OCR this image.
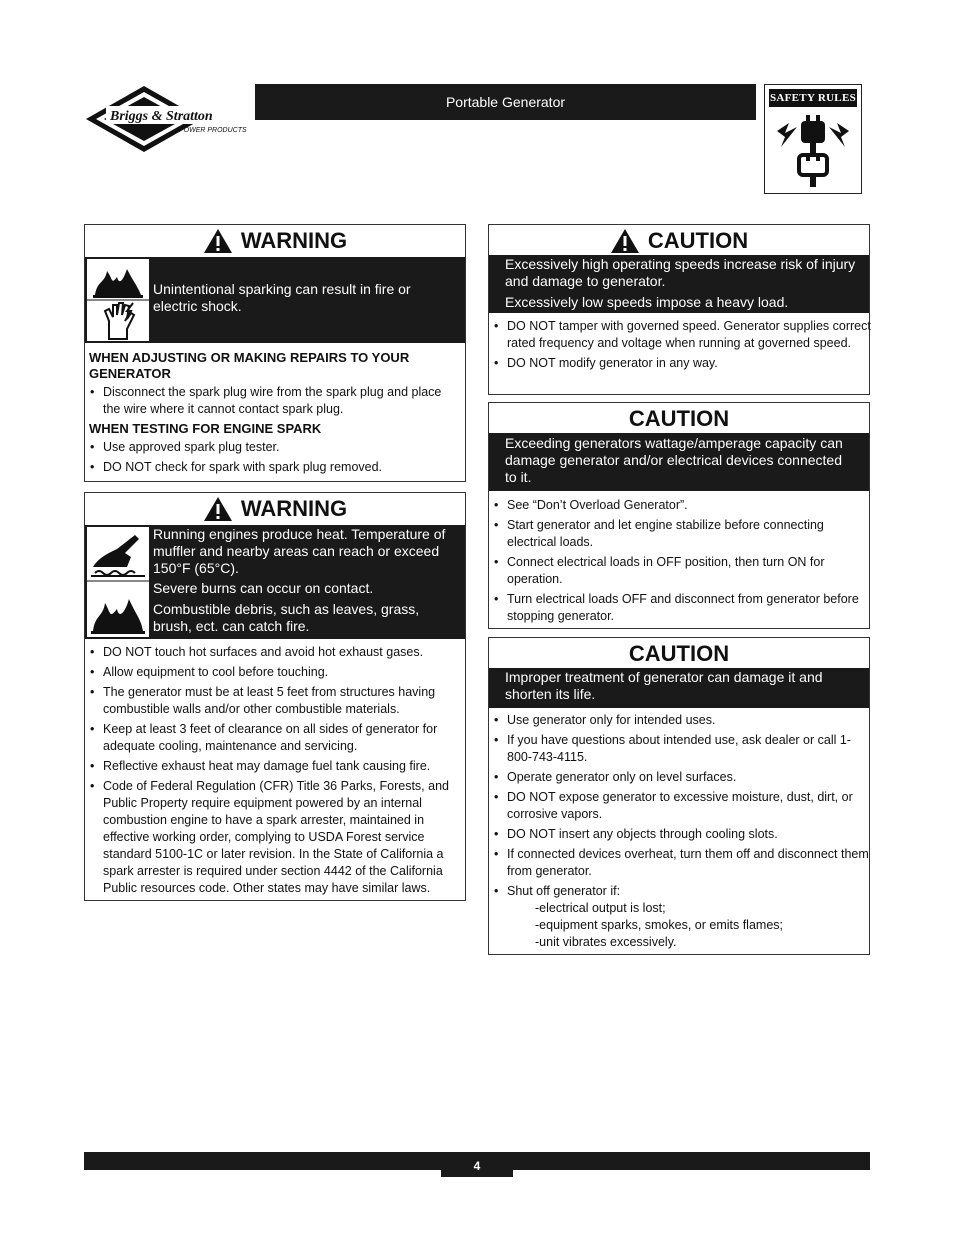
Briggs & Stratton
POWER PRODUCTS
Portable Generator	SAFETY RULES
WARNING
Unintentional sparking can result in fire or electric shock.
WHEN ADJUSTING OR MAKING REPAIRS TO YOUR GENERATOR
• Disconnect the spark plug wire from the spark plug and place the wire where it cannot contact spark plug.
WHEN TESTING FOR ENGINE SPARK
• Use approved spark plug tester.
• DO NOT check for spark with spark plug removed.
WARNING
Running engines produce heat. Temperature of muffler and nearby areas can reach or exceed 150°F (65°C).
Severe burns can occur on contact.
Combustible debris, such as leaves, grass, brush, ect. can catch fire.
• DO NOT touch hot surfaces and avoid hot exhaust gases.
• Allow equipment to cool before touching.
• The generator must be at least 5 feet from structures having combustible walls and/or other combustible materials.
• Keep at least 3 feet of clearance on all sides of generator for adequate cooling, maintenance and servicing.
• Reflective exhaust heat may damage fuel tank causing fire.
• Code of Federal Regulation (CFR) Title 36 Parks, Forests, and Public Property require equipment powered by an internal combustion engine to have a spark arrester, maintained in effective working order, complying to USDA Forest service standard 5100-1C or later revision. In the State of California a spark arrester is required under section 4442 of the California Public resources code. Other states may have similar laws.
CAUTION
Excessively high operating speeds increase risk of injury and damage to generator.
Excessively low speeds impose a heavy load.
• DO NOT tamper with governed speed. Generator supplies correct rated frequency and voltage when running at governed speed.
• DO NOT modify generator in any way.
CAUTION
Exceeding generators wattage/amperage capacity can damage generator and/or electrical devices connected to it.
• See “Don’t Overload Generator”.
• Start generator and let engine stabilize before connecting electrical loads.
• Connect electrical loads in OFF position, then turn ON for operation.
• Turn electrical loads OFF and disconnect from generator before stopping generator.
CAUTION
Improper treatment of generator can damage it and shorten its life.
• Use generator only for intended uses.
• If you have questions about intended use, ask dealer or call 1-800-743-4115.
• Operate generator only on level surfaces.
• DO NOT expose generator to excessive moisture, dust, dirt, or corrosive vapors.
• DO NOT insert any objects through cooling slots.
• If connected devices overheat, turn them off and disconnect them from generator.
• Shut off generator if:
-electrical output is lost;
-equipment sparks, smokes, or emits flames;
-unit vibrates excessively.
4
